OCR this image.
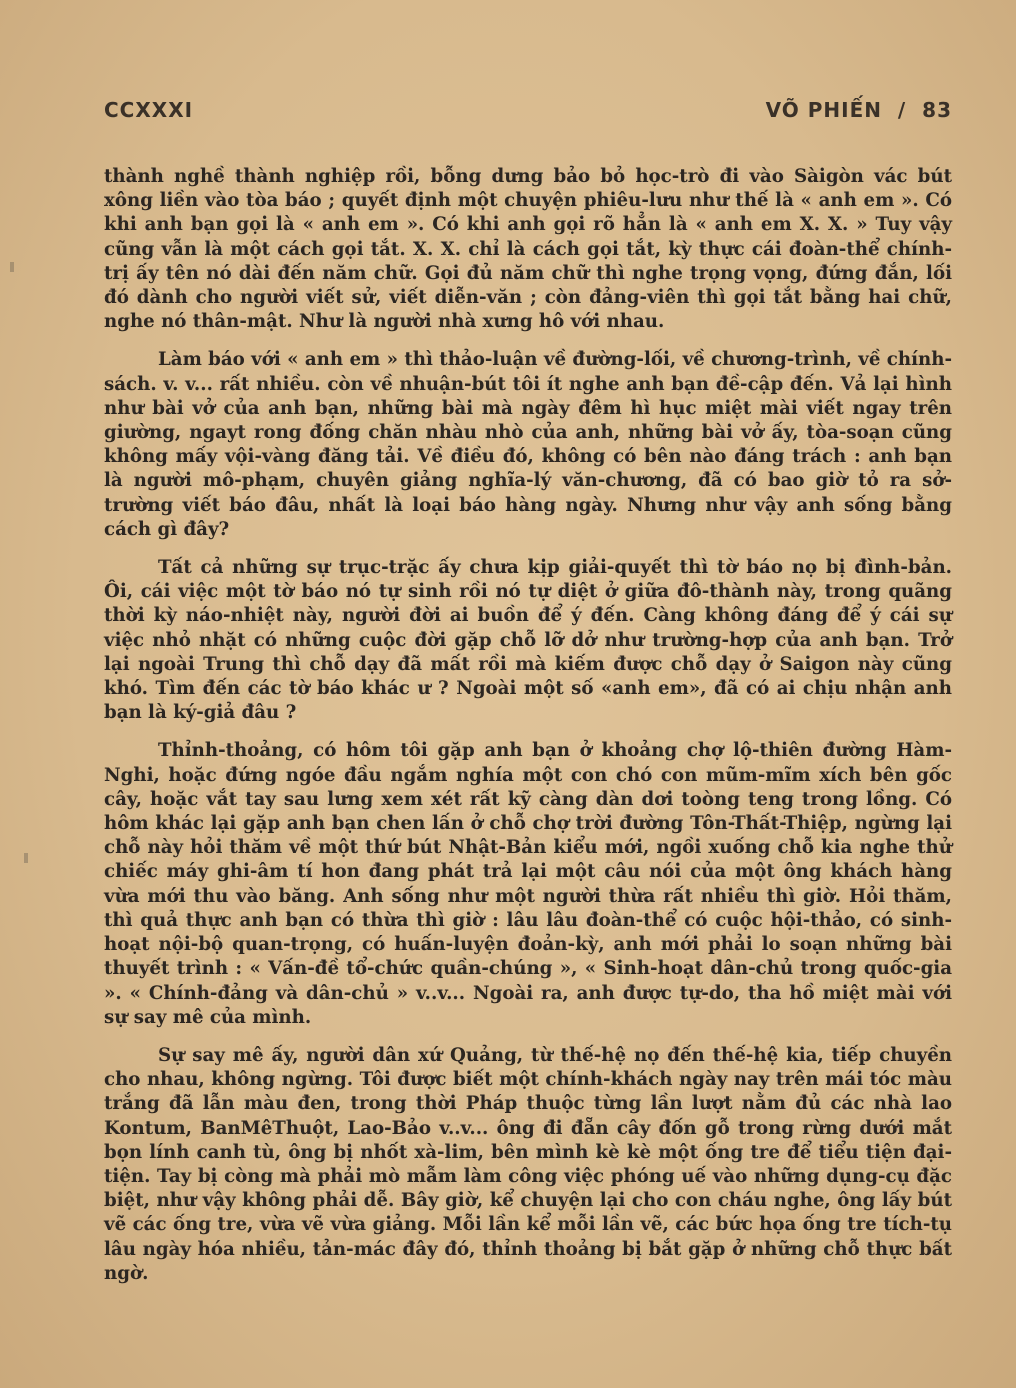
CCXXXI	VÕ PHIẾN  /  83

thành nghề thành nghiệp rồi, bỗng dưng bảo bỏ học-trò đi vào Sàigòn vác bút xông liền vào tòa báo ; quyết định một chuyện phiêu-lưu như thế là « anh em ». Có khi anh bạn gọi là « anh em ». Có khi anh gọi rõ hẳn là « anh em X. X. » Tuy vậy cũng vẫn là một cách gọi tắt. X. X. chỉ là cách gọi tắt, kỳ thực cái đoàn-thể chính-trị ấy tên nó dài đến năm chữ. Gọi đủ năm chữ thì nghe trọng vọng, đứng đắn, lối đó dành cho người viết sử, viết diễn-văn ; còn đảng-viên thì gọi tắt bằng hai chữ, nghe nó thân-mật. Như là người nhà xưng hô với nhau.

Làm báo với « anh em » thì thảo-luận về đường-lối, về chương-trình, về chính-sách. v. v... rất nhiều. còn về nhuận-bút tôi ít nghe anh bạn đề-cập đến. Vả lại hình như bài vở của anh bạn, những bài mà ngày đêm hì hục miệt mài viết ngay trên giường, ngayt rong đống chăn nhàu nhò của anh, những bài vở ấy, tòa-soạn cũng không mấy vội-vàng đăng tải. Về điều đó, không có bên nào đáng trách : anh bạn là người mô-phạm, chuyên giảng nghĩa-lý văn-chương, đã có bao giờ tỏ ra sở-trường viết báo đâu, nhất là loại báo hàng ngày. Nhưng như vậy anh sống bằng cách gì đây?

Tất cả những sự trục-trặc ấy chưa kịp giải-quyết thì tờ báo nọ bị đình-bản. Ôi, cái việc một tờ báo nó tự sinh rồi nó tự diệt ở giữa đô-thành này, trong quãng thời kỳ náo-nhiệt này, người đời ai buồn để ý đến. Càng không đáng để ý cái sự việc nhỏ nhặt có những cuộc đời gặp chỗ lỡ dở như trường-hợp của anh bạn. Trở lại ngoài Trung thì chỗ dạy đã mất rồi mà kiếm được chỗ dạy ở Saigon này cũng khó. Tìm đến các tờ báo khác ư ? Ngoài một số «anh em», đã có ai chịu nhận anh bạn là ký-giả đâu ?

Thỉnh-thoảng, có hôm tôi gặp anh bạn ở khoảng chợ lộ-thiên đường Hàm-Nghi, hoặc đứng ngóe đầu ngắm nghía một con chó con mũm-mĩm xích bên gốc cây, hoặc vắt tay sau lưng xem xét rất kỹ càng dàn dơi toòng teng trong lồng. Có hôm khác lại gặp anh bạn chen lấn ở chỗ chợ trời đường Tôn-Thất-Thiệp, ngừng lại chỗ này hỏi thăm về một thứ bút Nhật-Bản kiểu mới, ngồi xuống chỗ kia nghe thử chiếc máy ghi-âm tí hon đang phát trả lại một câu nói của một ông khách hàng vừa mới thu vào băng. Anh sống như một người thừa rất nhiều thì giờ. Hỏi thăm, thì quả thực anh bạn có thừa thì giờ : lâu lâu đoàn-thể có cuộc hội-thảo, có sinh-hoạt nội-bộ quan-trọng, có huấn-luyện đoản-kỳ, anh mới phải lo soạn những bài thuyết trình : « Vấn-đề tổ-chức quần-chúng », « Sinh-hoạt dân-chủ trong quốc-gia ». « Chính-đảng và dân-chủ » v..v... Ngoài ra, anh được tự-do, tha hồ miệt mài với sự say mê của mình.

Sự say mê ấy, người dân xứ Quảng, từ thế-hệ nọ đến thế-hệ kia, tiếp chuyền cho nhau, không ngừng. Tôi được biết một chính-khách ngày nay trên mái tóc màu trắng đã lẫn màu đen, trong thời Pháp thuộc từng lần lượt nằm đủ các nhà lao Kontum, BanMêThuột, Lao-Bảo v..v... ông đi đẵn cây đốn gỗ trong rừng dưới mắt bọn lính canh tù, ông bị nhốt xà-lim, bên mình kè kè một ống tre để tiểu tiện đại-tiện. Tay bị còng mà phải mò mẫm làm công việc phóng uế vào những dụng-cụ đặc biệt, như vậy không phải dễ. Bây giờ, kể chuyện lại cho con cháu nghe, ông lấy bút vẽ các ống tre, vừa vẽ vừa giảng. Mỗi lần kể mỗi lần vẽ, các bức họa ống tre tích-tụ lâu ngày hóa nhiều, tản-mác đây đó, thỉnh thoảng bị bắt gặp ở những chỗ thực bất ngờ.
